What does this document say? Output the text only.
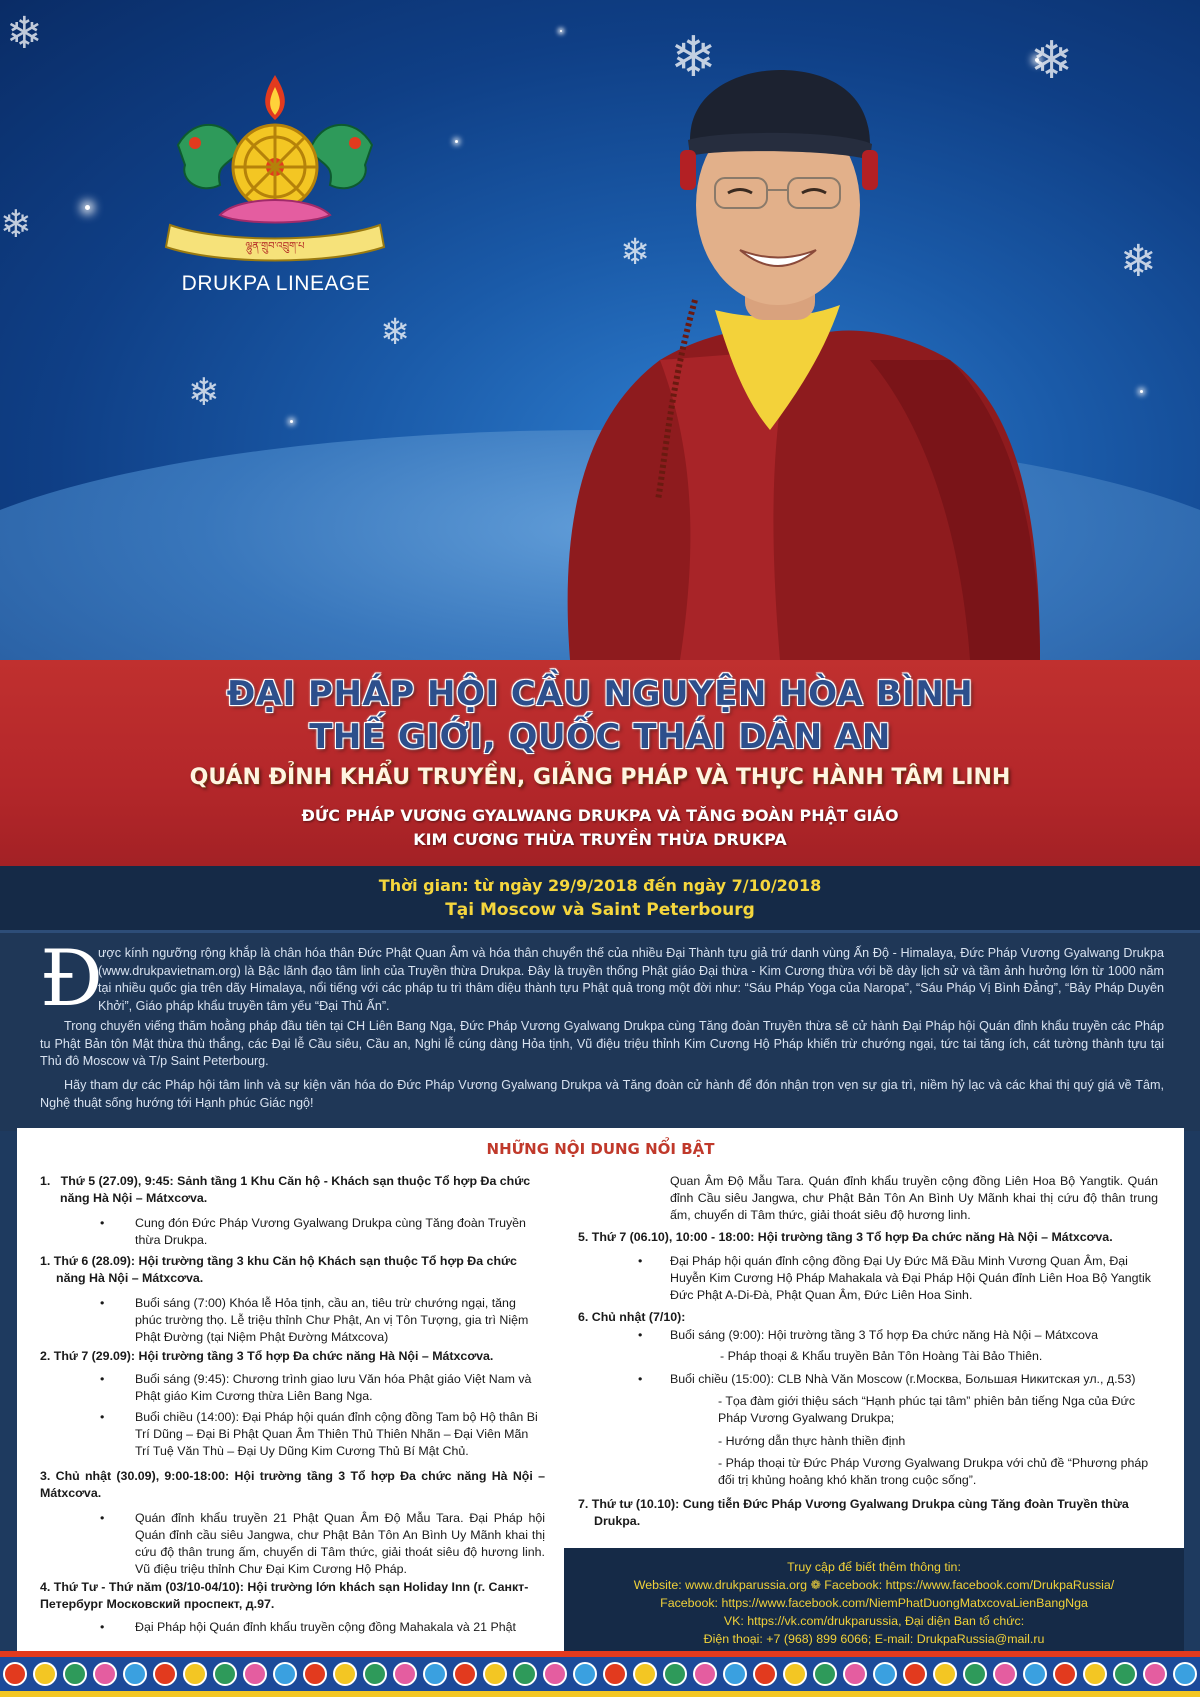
❄	❄	❄
❄
❄
❄
❄
❄
ལྷུན་གྲུབ་འབྲུག་པ
DRUKPA LINEAGE
ĐẠI PHÁP HỘI CẦU NGUYỆN HÒA BÌNH
THẾ GIỚI, QUỐC THÁI DÂN AN
QUÁN ĐỈNH KHẨU TRUYỀN, GIẢNG PHÁP VÀ THỰC HÀNH TÂM LINH
ĐỨC PHÁP VƯƠNG GYALWANG DRUKPA VÀ TĂNG ĐOÀN PHẬT GIÁO
KIM CƯƠNG THỪA TRUYỀN THỪA DRUKPA
Thời gian: từ ngày 29/9/2018 đến ngày 7/10/2018
Tại Moscow và Saint Peterbourg
Đ

ược kính ngưỡng rộng khắp là chân hóa thân Đức Phật Quan Âm và hóa thân chuyển thế của nhiều Đại Thành tựu giả trứ danh vùng Ấn Độ - Himalaya, Đức Pháp Vương Gyalwang Drukpa (www.drukpavietnam.org) là Bậc lãnh đạo tâm linh của Truyền thừa Drukpa. Đây là truyền thống Phật giáo Đại thừa - Kim Cương thừa với bề dày lịch sử và tầm ảnh hưởng lớn từ 1000 năm tại nhiều quốc gia trên dãy Himalaya, nổi tiếng với các pháp tu trì thâm diệu thành tựu Phật quả trong một đời như: “Sáu Pháp Yoga của Naropa”, “Sáu Pháp Vị Bình Đẳng”, “Bảy Pháp Duyên Khởi”, Giáo pháp khẩu truyền tâm yếu “Đại Thủ Ấn”.

Trong chuyến viếng thăm hoằng pháp đầu tiên tại CH Liên Bang Nga, Đức Pháp Vương Gyalwang Drukpa cùng Tăng đoàn Truyền thừa sẽ cử hành Đại Pháp hội Quán đỉnh khẩu truyền các Pháp tu Phật Bản tôn Mật thừa thù thắng, các Đại lễ Cầu siêu, Cầu an, Nghi lễ cúng dàng Hỏa tịnh, Vũ điệu triệu thỉnh Kim Cương Hộ Pháp khiến trừ chướng ngại, tức tai tăng ích, cát tường thành tựu tại Thủ đô Moscow và T/p Saint Peterbourg.

Hãy tham dự các Pháp hội tâm linh và sự kiện văn hóa do Đức Pháp Vương Gyalwang Drukpa và Tăng đoàn cử hành để đón nhận trọn vẹn sự gia trì, niềm hỷ lạc và các khai thị quý giá về Tâm, Nghệ thuật sống hướng tới Hạnh phúc Giác ngộ!

NHỮNG NỘI DUNG NỔI BẬT
1. Thứ 5 (27.09), 9:45: Sảnh tầng 1 Khu Căn hộ - Khách sạn thuộc Tổ hợp Đa chức năng Hà Nội – Mátxcơva.
• Cung đón Đức Pháp Vương Gyalwang Drukpa cùng Tăng đoàn Truyền thừa Drukpa.
1. Thứ 6 (28.09): Hội trường tầng 3 khu Căn hộ Khách sạn thuộc Tổ hợp Đa chức năng Hà Nội – Mátxcơva.
• Buổi sáng (7:00) Khóa lễ Hỏa tịnh, cầu an, tiêu trừ chướng ngại, tăng phúc trường thọ. Lễ triệu thỉnh Chư Phật, An vị Tôn Tượng, gia trì Niệm Phật Đường (tại Niệm Phật Đường Mátxcova)
2. Thứ 7 (29.09): Hội trường tầng 3 Tổ hợp Đa chức năng Hà Nội – Mátxcơva.
• Buổi sáng (9:45): Chương trình giao lưu Văn hóa Phật giáo Việt Nam và Phật giáo Kim Cương thừa Liên Bang Nga.
• Buổi chiều (14:00): Đại Pháp hội quán đỉnh cộng đồng Tam bộ Hộ thân Bi Trí Dũng – Đại Bi Phật Quan Âm Thiên Thủ Thiên Nhãn – Đại Viên Mãn Trí Tuệ Văn Thù – Đại Uy Dũng Kim Cương Thủ Bí Mật Chủ.
3. Chủ nhật (30.09), 9:00-18:00: Hội trường tầng 3 Tổ hợp Đa chức năng Hà Nội – Mátxcơva.
• Quán đỉnh khẩu truyền 21 Phật Quan Âm Độ Mẫu Tara. Đại Pháp hội Quán đỉnh cầu siêu Jangwa, chư Phật Bản Tôn An Bình Uy Mãnh khai thị cứu độ thân trung ấm, chuyển di Tâm thức, giải thoát siêu độ hương linh. Vũ điệu triệu thỉnh Chư Đại Kim Cương Hộ Pháp.
4. Thứ Tư - Thứ năm (03/10-04/10): Hội trường lớn khách sạn Holiday Inn (г. Санкт-Петербург Московский проспект, д.97.
• Đại Pháp hội Quán đỉnh khẩu truyền cộng đồng Mahakala và 21 Phật
Quan Âm Độ Mẫu Tara. Quán đỉnh khẩu truyền cộng đồng Liên Hoa Bộ Yangtik. Quán đỉnh Cầu siêu Jangwa, chư Phật Bản Tôn An Bình Uy Mãnh khai thị cứu độ thân trung ấm, chuyển di Tâm thức, giải thoát siêu độ hương linh.
5. Thứ 7 (06.10), 10:00 - 18:00: Hội trường tầng 3 Tổ hợp Đa chức năng Hà Nội – Mátxcơva.
• Đại Pháp hội quán đỉnh cộng đồng Đại Uy Đức Mã Đầu Minh Vương Quan Âm, Đại Huyễn Kim Cương Hộ Pháp Mahakala và Đại Pháp Hội Quán đỉnh Liên Hoa Bộ Yangtik Đức Phật A-Di-Đà, Phật Quan Âm, Đức Liên Hoa Sinh.
6. Chủ nhật (7/10):
• Buổi sáng (9:00): Hội trường tầng 3 Tổ hợp Đa chức năng Hà Nội – Mátxcova
- Pháp thoại & Khẩu truyền Bản Tôn Hoàng Tài Bảo Thiên.
• Buổi chiều (15:00): CLB Nhà Văn Moscow (г.Москва, Большая Никитская ул., д.53)
- Tọa đàm giới thiệu sách “Hạnh phúc tại tâm” phiên bản tiếng Nga của Đức Pháp Vương Gyalwang Drukpa;
- Hướng dẫn thực hành thiền định
- Pháp thoại từ Đức Pháp Vương Gyalwang Drukpa với chủ đề “Phương pháp đối trị khủng hoảng khó khăn trong cuộc sống”.
7. Thứ tư (10.10): Cung tiễn Đức Pháp Vương Gyalwang Drukpa cùng Tăng đoàn Truyền thừa Drukpa.
Truy cập để biết thêm thông tin:
Website: www.drukparussia.org ❁ Facebook: https://www.facebook.com/DrukpaRussia/
Facebook: https://www.facebook.com/NiemPhatDuongMatxcovaLienBangNga
VK: https://vk.com/drukparussia, Đại diện Ban tổ chức:
Điện thoại: +7 (968) 899 6066; E-mail: DrukpaRussia@mail.ru
